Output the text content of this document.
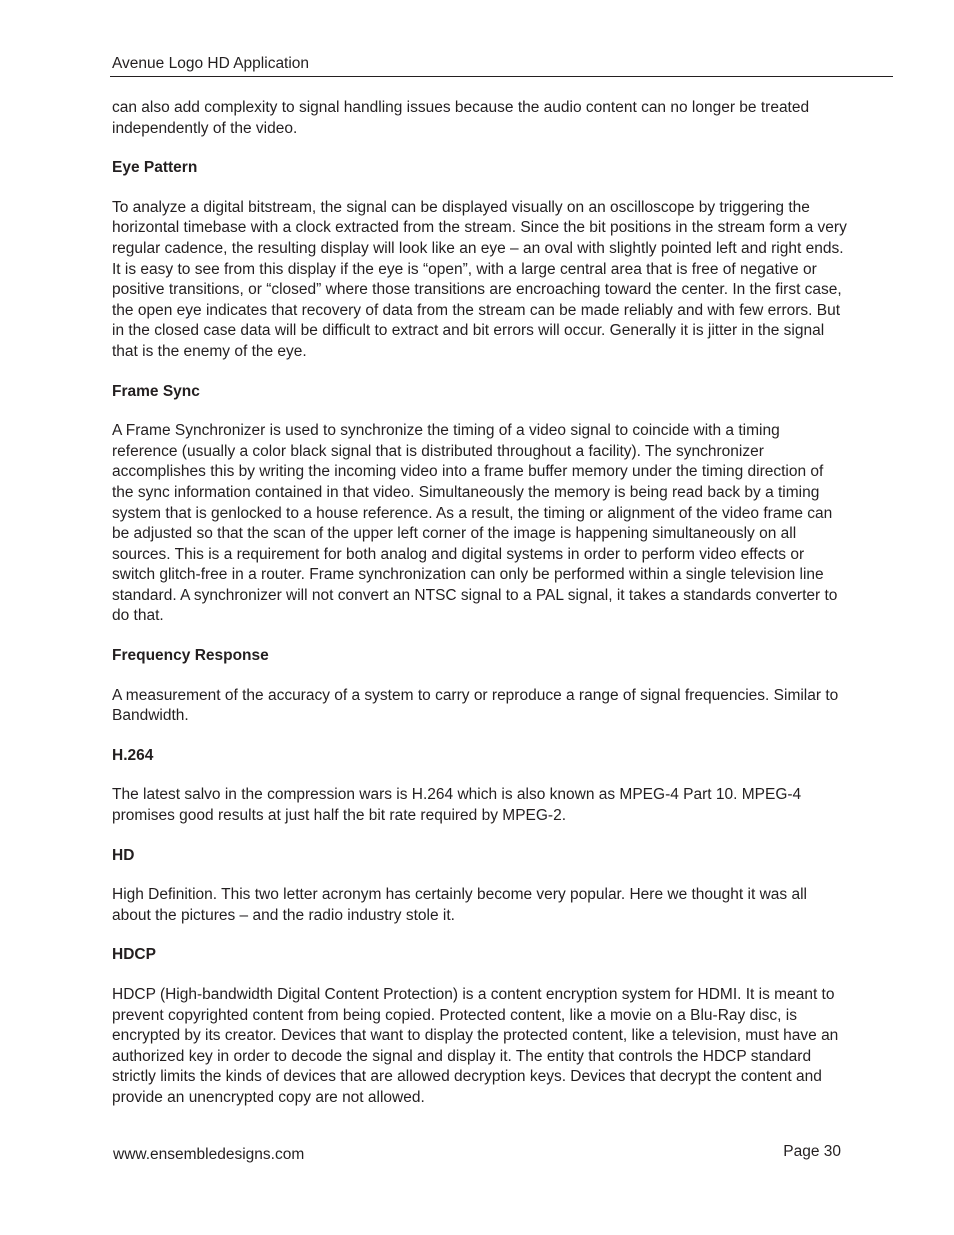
Avenue Logo HD Application

can also add complexity to signal handling issues because the audio content can no longer be treated independently of the video.

Eye Pattern

To analyze a digital bitstream, the signal can be displayed visually on an oscilloscope by triggering the horizontal timebase with a clock extracted from the stream. Since the bit positions in the stream form a very regular cadence, the resulting display will look like an eye – an oval with slightly pointed left and right ends. It is easy to see from this display if the eye is “open”, with a large central area that is free of negative or positive transitions, or “closed” where those transitions are encroaching toward the center. In the first case, the open eye indicates that recovery of data from the stream can be made reliably and with few errors. But in the closed case data will be difficult to extract and bit errors will occur. Generally it is jitter in the signal that is the enemy of the eye.

Frame Sync

A Frame Synchronizer is used to synchronize the timing of a video signal to coincide with a timing reference (usually a color black signal that is distributed throughout a facility). The synchronizer accomplishes this by writing the incoming video into a frame buffer memory under the timing direction of the sync information contained in that video. Simultaneously the memory is being read back by a timing system that is genlocked to a house reference. As a result, the timing or alignment of the video frame can be adjusted so that the scan of the upper left corner of the image is happening simultaneously on all sources. This is a requirement for both analog and digital systems in order to perform video effects or switch glitch-free in a router. Frame synchronization can only be performed within a single television line standard. A synchronizer will not convert an NTSC signal to a PAL signal, it takes a standards converter to do that.

Frequency Response

A measurement of the accuracy of a system to carry or reproduce a range of signal frequencies. Similar to Bandwidth.

H.264

The latest salvo in the compression wars is H.264 which is also known as MPEG-4 Part 10. MPEG-4 promises good results at just half the bit rate required by MPEG-2.

HD

High Definition. This two letter acronym has certainly become very popular. Here we thought it was all about the pictures – and the radio industry stole it.

HDCP

HDCP (High-bandwidth Digital Content Protection) is a content encryption system for HDMI. It is meant to prevent copyrighted content from being copied. Protected content, like a movie on a Blu-Ray disc, is encrypted by its creator. Devices that want to display the protected content, like a television, must have an authorized key in order to decode the signal and display it. The entity that controls the HDCP standard strictly limits the kinds of devices that are allowed decryption keys. Devices that decrypt the content and provide an unencrypted copy are not allowed.

www.ensembledesigns.com	Page 30
